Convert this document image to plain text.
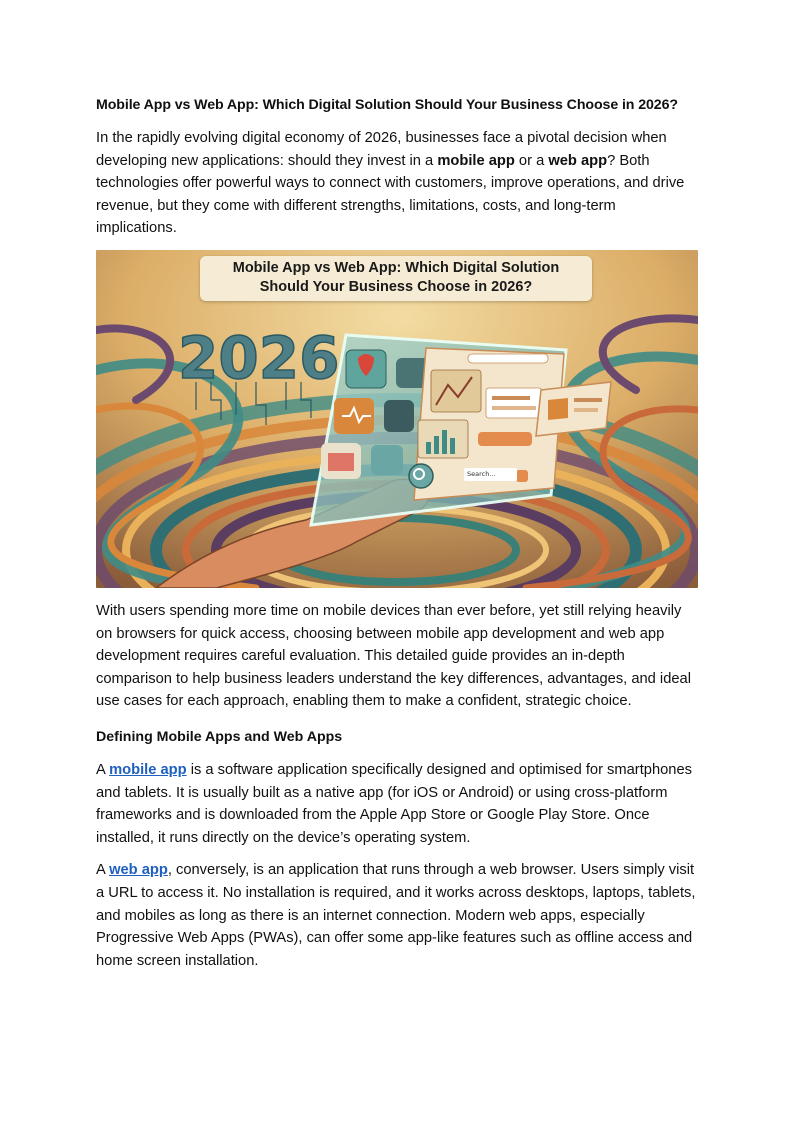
Mobile App vs Web App: Which Digital Solution Should Your Business Choose in 2026?

In the rapidly evolving digital economy of 2026, businesses face a pivotal decision when developing new applications: should they invest in a mobile app or a web app? Both technologies offer powerful ways to connect with customers, improve operations, and drive revenue, but they come with different strengths, limitations, costs, and long-term implications.

2026
Mobile App vs Web App: Which Digital Solution
Should Your Business Choose in 2026?
Search...

With users spending more time on mobile devices than ever before, yet still relying heavily on browsers for quick access, choosing between mobile app development and web app development requires careful evaluation. This detailed guide provides an in-depth comparison to help business leaders understand the key differences, advantages, and ideal use cases for each approach, enabling them to make a confident, strategic choice.

Defining Mobile Apps and Web Apps

A mobile app is a software application specifically designed and optimised for smartphones and tablets. It is usually built as a native app (for iOS or Android) or using cross-platform frameworks and is downloaded from the Apple App Store or Google Play Store. Once installed, it runs directly on the device’s operating system.

A web app, conversely, is an application that runs through a web browser. Users simply visit a URL to access it. No installation is required, and it works across desktops, laptops, tablets, and mobiles as long as there is an internet connection. Modern web apps, especially Progressive Web Apps (PWAs), can offer some app-like features such as offline access and home screen installation.
